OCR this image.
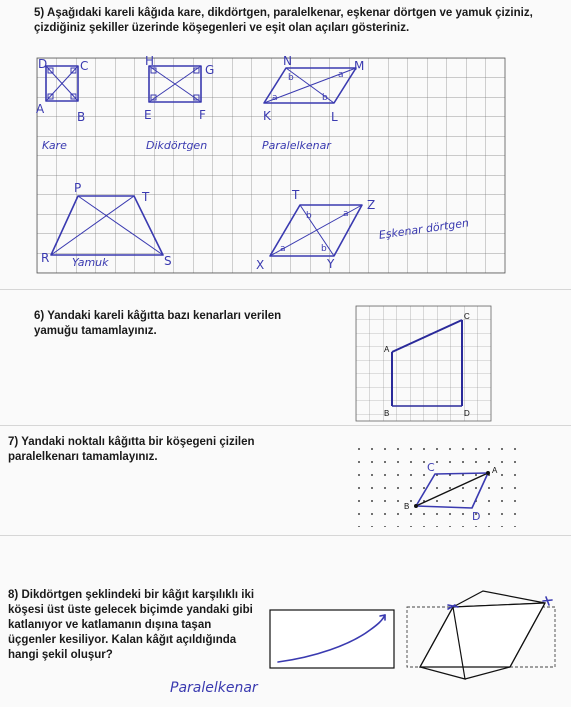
5) Aşağıdaki kareli kâğıda kare, dikdörtgen, paralelkenar, eşkenar dörtgen ve yamuk çiziniz, çizdiğiniz şekiller üzerinde köşegenleri ve eşit olan açıları gösteriniz.
D	C
A
B
H
G
E	F
b	a
a	b
N	M
K	L
P
T
R	S
b	a
a	b
T
Z
X	Y
Kare	Dikdörtgen	Paralelkenar
Yamuk
Eşkenar dörtgen
6) Yandaki kareli kâğıtta bazı kenarları verilen yamuğu tamamlayınız.
A
C
B	D
7) Yandaki noktalı kâğıtta bir köşegeni çizilen paralelkenarı tamamlayınız.
C	A
B
D
8) Dikdörtgen şeklindeki bir kâğıt karşılıklı iki köşesi üst üste gelecek biçimde yandaki gibi katlanıyor ve katlamanın dışına taşan üçgenler kesiliyor. Kalan kâğıt açıldığında hangi şekil oluşur?
Paralelkenar
